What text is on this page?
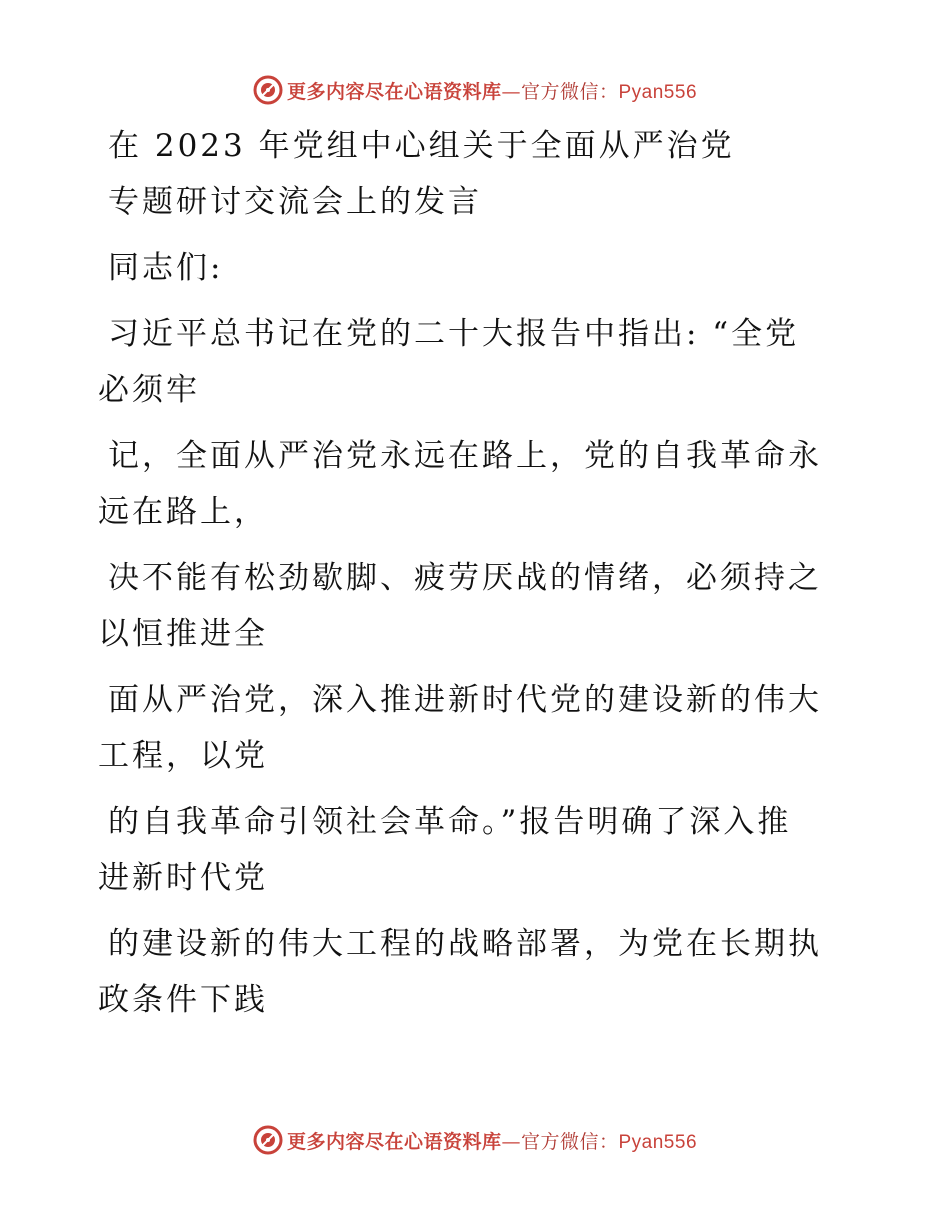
更多内容尽在心语资料库—官方微信：Pyan556

在 2023 年党组中心组关于全面从严治党

专题研讨交流会上的发言

同志们:

习近平总书记在党的二十大报告中指出: “全党

必须牢

记，全面从严治党永远在路上，党的自我革命永

远在路上，

决不能有松劲歇脚、疲劳厌战的情绪，必须持之

以恒推进全

面从严治党，深入推进新时代党的建设新的伟大

工程，以党

的自我革命引领社会革命。”报告明确了深入推

进新时代党

的建设新的伟大工程的战略部署，为党在长期执

政条件下践

更多内容尽在心语资料库—官方微信：Pyan556
